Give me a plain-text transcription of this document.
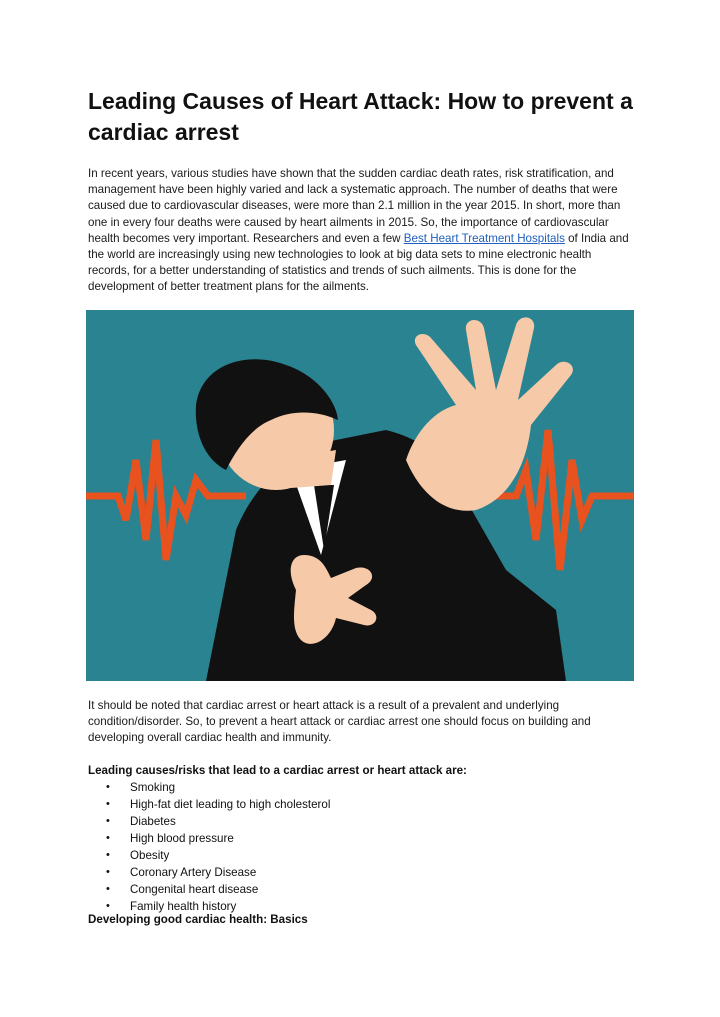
Leading Causes of Heart Attack: How to prevent a cardiac arrest

In recent years, various studies have shown that the sudden cardiac death rates, risk stratification, and management have been highly varied and lack a systematic approach. The number of deaths that were caused due to cardiovascular diseases, were more than 2.1 million in the year 2015. In short, more than one in every four deaths were caused by heart ailments in 2015. So, the importance of cardiovascular health becomes very important. Researchers and even a few Best Heart Treatment Hospitals of India and the world are increasingly using new technologies to look at big data sets to mine electronic health records, for a better understanding of statistics and trends of such ailments. This is done for the development of better treatment plans for the ailments.

It should be noted that cardiac arrest or heart attack is a result of a prevalent and underlying condition/disorder. So, to prevent a heart attack or cardiac arrest one should focus on building and developing overall cardiac health and immunity.

Leading causes/risks that lead to a cardiac arrest or heart attack are:

• Smoking
• High-fat diet leading to high cholesterol
• Diabetes
• High blood pressure
• Obesity
• Coronary Artery Disease
• Congenital heart disease
• Family health history

Developing good cardiac health: Basics
